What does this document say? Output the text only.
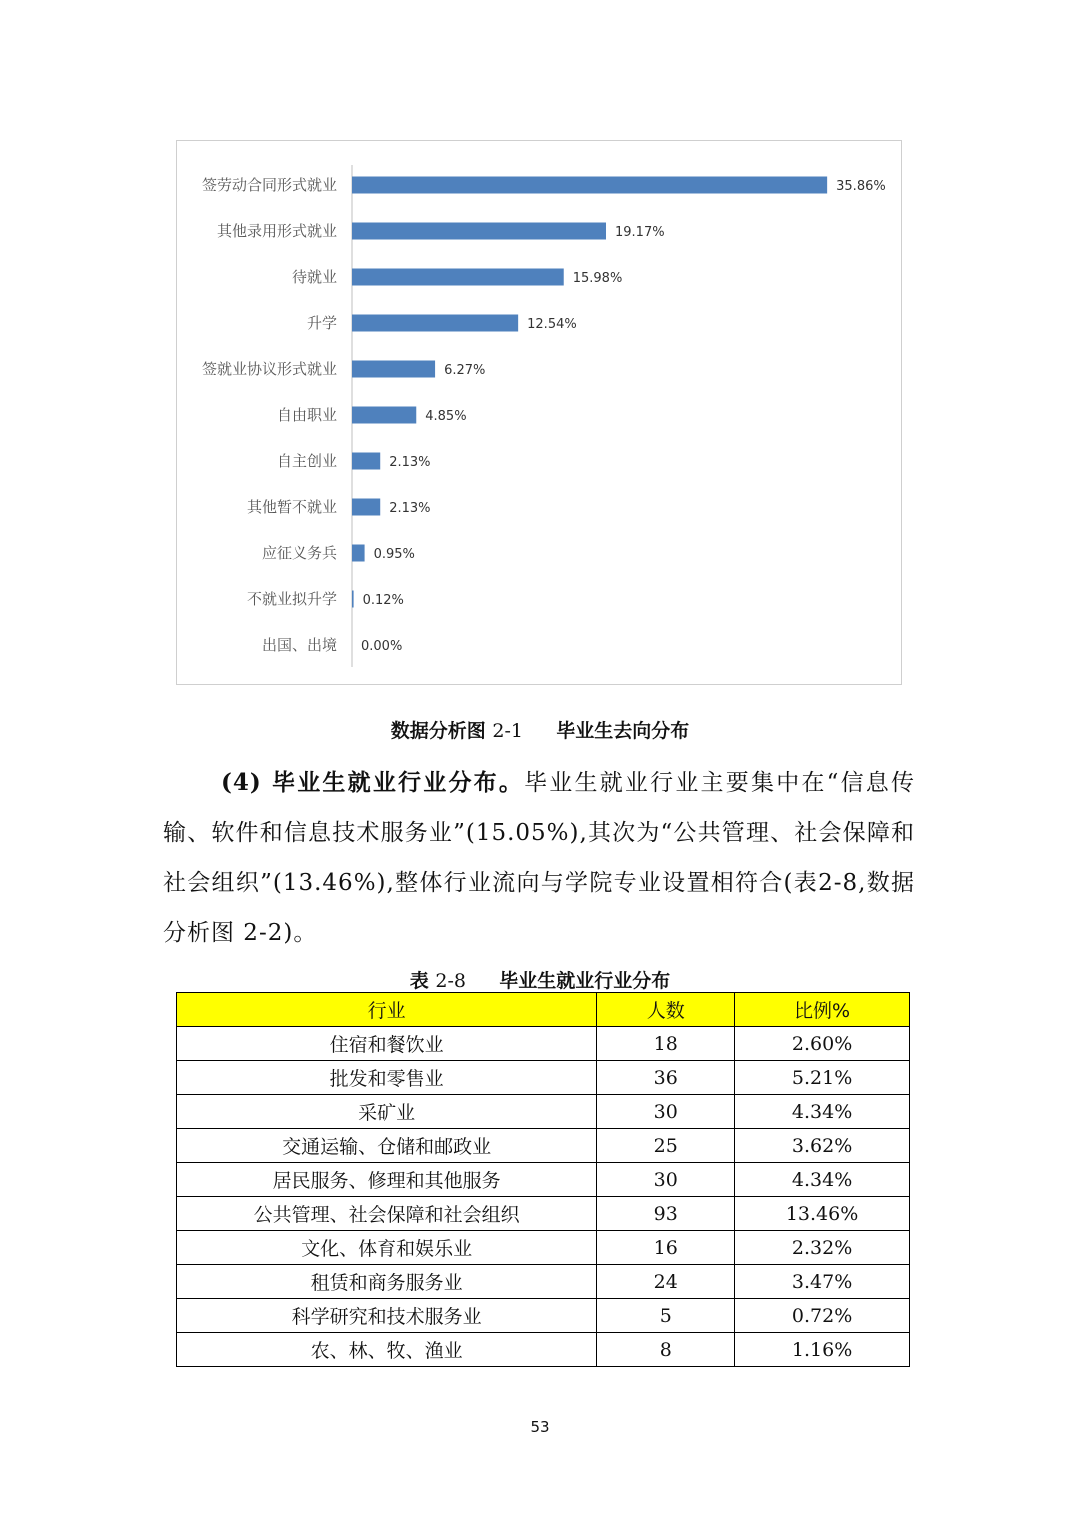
签劳动合同形式就业	35.86%
其他录用形式就业	19.17%
待就业	15.98%
升学	12.54%
签就业协议形式就业	6.27%
自由职业	4.85%
自主创业	2.13%
其他暂不就业	2.13%
应征义务兵	0.95%
不就业拟升学 0.12%
出国、出境 0.00%
数据分析图 2-1 毕业生去向分布
(4) 毕业生就业行业分布。毕业生就业行业主要集中在“信息传输、软件和信息技术服务业”(15.05%),其次为“公共管理、社会保障和社会组织”(13.46%),整体行业流向与学院专业设置相符合(表2-8,数据分析图 2-2)。
表 2-8 毕业生就业行业分布
行业	人数	比例%
住宿和餐饮业	18	2.60%
批发和零售业	36	5.21%
采矿业	30	4.34%
交通运输、仓储和邮政业	25	3.62%
居民服务、修理和其他服务	30	4.34%
公共管理、社会保障和社会组织	93	13.46%
文化、体育和娱乐业	16	2.32%
租赁和商务服务业	24	3.47%
科学研究和技术服务业	5	0.72%
农、林、牧、渔业	8	1.16%
53
